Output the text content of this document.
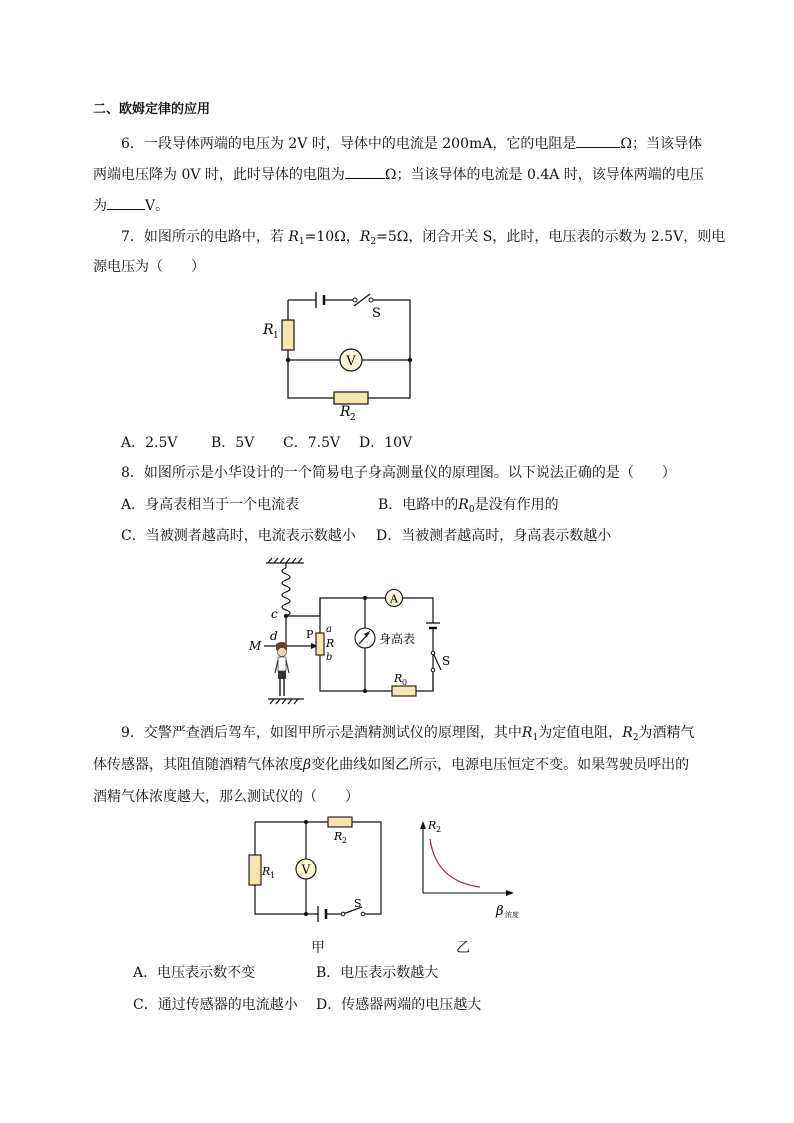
二、欧姆定律的应用
6．一段导体两端的电压为 2V 时，导体中的电流是 200mA，它的电阻是	Ω；当该导体
两端电压降为 0V 时，此时导体的电阻为	Ω；当该导体的电流是 0.4A 时，该导体两端的电压
为	V。
7．如图所示的电路中，若 $R_1=10\Omega$，$R_2=5\Omega$，闭合开关 S，此时，电压表的示数为 2.5V，则电
源电压为（　　）
V
R 1
R 2
S
A．2.5V B．5V C．7.5V D．10V
8．如图所示是小华设计的一个简易电子身高测量仪的原理图。以下说法正确的是（　　）
A．身高表相当于一个电流表	B．电路中的$R_0$是没有作用的
C．当被测者越高时，电流表示数越小 D．当被测者越高时，身高表示数越小
A
身高表
S
R 0
c
d
M
P a
R
b
9．交警严查酒后驾车，如图甲所示是酒精测试仪的原理图，其中$R_1$为定值电阻，$R_2$为酒精气
体传感器，其阻值随酒精气体浓度β变化曲线如图乙所示，电源电压恒定不变。如果驾驶员呼出的
酒精气体浓度越大，那么测试仪的（　　）
V
S
R 1
R 2
R 2
β 浓度
甲	乙
A．电压表示数不变	B．电压表示数越大
C．通过传感器的电流越小 D．传感器两端的电压越大
